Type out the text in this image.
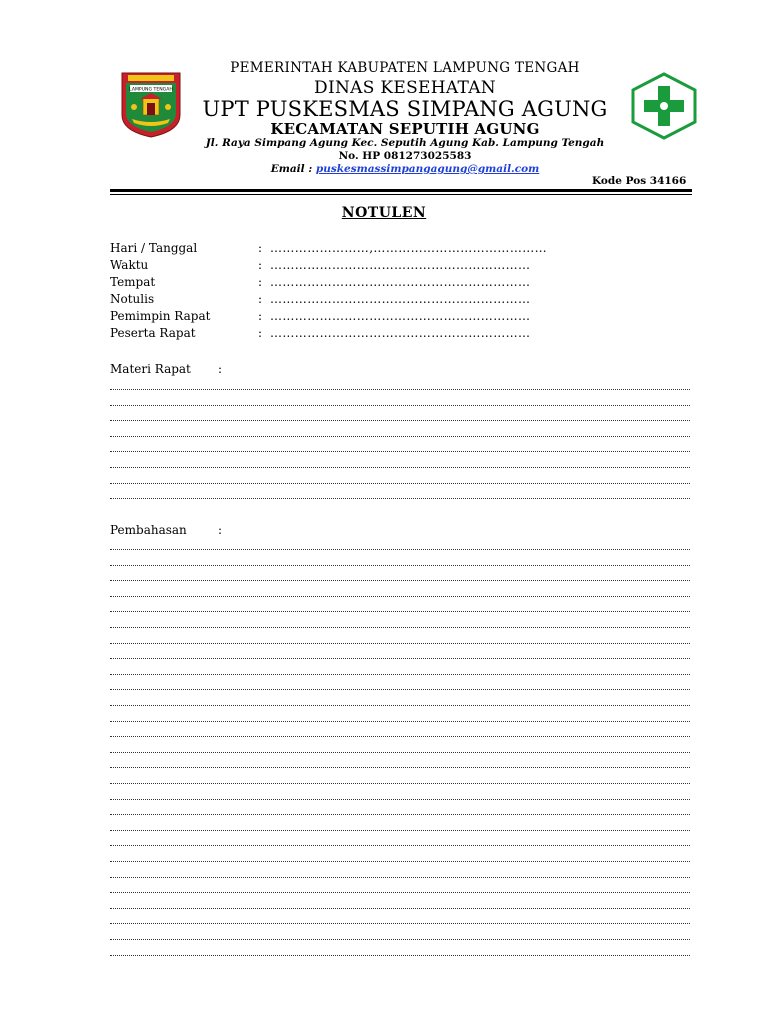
LAMPUNG TENGAH
PEMERINTAH KABUPATEN LAMPUNG TENGAH
DINAS KESEHATAN
UPT PUSKESMAS SIMPANG AGUNG
KECAMATAN SEPUTIH AGUNG
Jl. Raya Simpang Agung Kec. Seputih Agung Kab. Lampung Tengah
No. HP 081273025583
Email : puskesmassimpangagung@gmail.com
Kode Pos 34166
NOTULEN
Hari / Tanggal	: ……………………,……………………………………
Waktu	: ………………………………………………………
Tempat	: ………………………………………………………
Notulis	: ………………………………………………………
Pemimpin Rapat	: ………………………………………………………
Peserta Rapat	: ………………………………………………………
Materi Rapat :
Pembahasan	:
